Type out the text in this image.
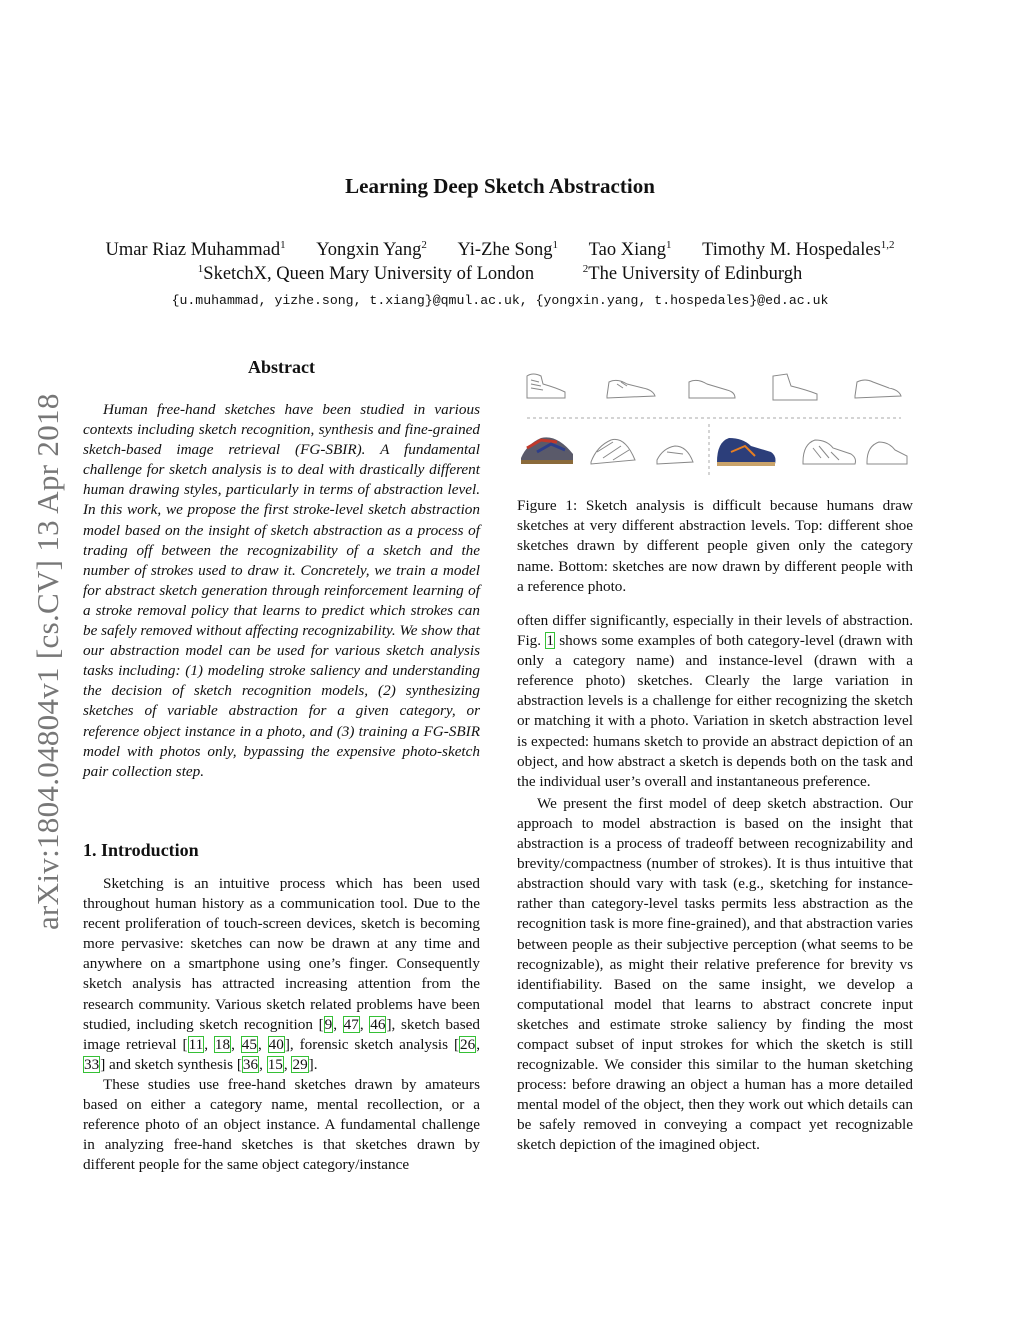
Learning Deep Sketch Abstraction
Umar Riaz Muhammad$^1$ Yongxin Yang$^2$ Yi-Zhe Song$^1$ Tao Xiang$^1$ Timothy M. Hospedales$^{1,2}$
$^1$SketchX, Queen Mary University of London	$^2$The University of Edinburgh
{u.muhammad, yizhe.song, t.xiang}@qmul.ac.uk, {yongxin.yang, t.hospedales}@ed.ac.uk
arXiv:1804.04804v1 [cs.CV] 13 Apr 2018
Abstract

Human free-hand sketches have been studied in various contexts including sketch recognition, synthesis and fine-grained sketch-based image retrieval (FG-SBIR). A fundamental challenge for sketch analysis is to deal with drastically different human drawing styles, particularly in terms of abstraction level. In this work, we propose the first stroke-level sketch abstraction model based on the insight of sketch abstraction as a process of trading off between the recognizability of a sketch and the number of strokes used to draw it. Concretely, we train a model for abstract sketch generation through reinforcement learning of a stroke removal policy that learns to predict which strokes can be safely removed without affecting recognizability. We show that our abstraction model can be used for various sketch analysis tasks including: (1) modeling stroke saliency and understanding the decision of sketch recognition models, (2) synthesizing sketches of variable abstraction for a given category, or reference object instance in a photo, and (3) training a FG-SBIR model with photos only, bypassing the expensive photo-sketch pair collection step.

1. Introduction

Sketching is an intuitive process which has been used throughout human history as a communication tool. Due to the recent proliferation of touch-screen devices, sketch is becoming more pervasive: sketches can now be drawn at any time and anywhere on a smartphone using one’s finger. Consequently sketch analysis has attracted increasing attention from the research community. Various sketch related problems have been studied, including sketch recognition [9, 47, 46], sketch based image retrieval [11, 18, 45, 40], forensic sketch analysis [26, 33] and sketch synthesis [36, 15, 29].

These studies use free-hand sketches drawn by amateurs based on either a category name, mental recollection, or a reference photo of an object instance. A fundamental challenge in analyzing free-hand sketches is that sketches drawn by different people for the same object category/instance

Figure 1: Sketch analysis is difficult because humans draw sketches at very different abstraction levels. Top: different shoe sketches drawn by different people given only the category name. Bottom: sketches are now drawn by different people with a reference photo.

often differ significantly, especially in their levels of abstraction. Fig. 1 shows some examples of both category-level (drawn with only a category name) and instance-level (drawn with a reference photo) sketches. Clearly the large variation in abstraction levels is a challenge for either recognizing the sketch or matching it with a photo. Variation in sketch abstraction level is expected: humans sketch to provide an abstract depiction of an object, and how abstract a sketch is depends both on the task and the individual user’s overall and instantaneous preference.

We present the first model of deep sketch abstraction. Our approach to model abstraction is based on the insight that abstraction is a process of tradeoff between recognizability and brevity/compactness (number of strokes). It is thus intuitive that abstraction should vary with task (e.g., sketching for instance- rather than category-level tasks permits less abstraction as the recognition task is more fine-grained), and that abstraction varies between people as their subjective perception (what seems to be recognizable), as might their relative preference for brevity vs identifiability. Based on the same insight, we develop a computational model that learns to abstract concrete input sketches and estimate stroke saliency by finding the most compact subset of input strokes for which the sketch is still recognizable. We consider this similar to the human sketching process: before drawing an object a human has a more detailed mental model of the object, then they work out which details can be safely removed in conveying a compact yet recognizable sketch depiction of the imagined object.
